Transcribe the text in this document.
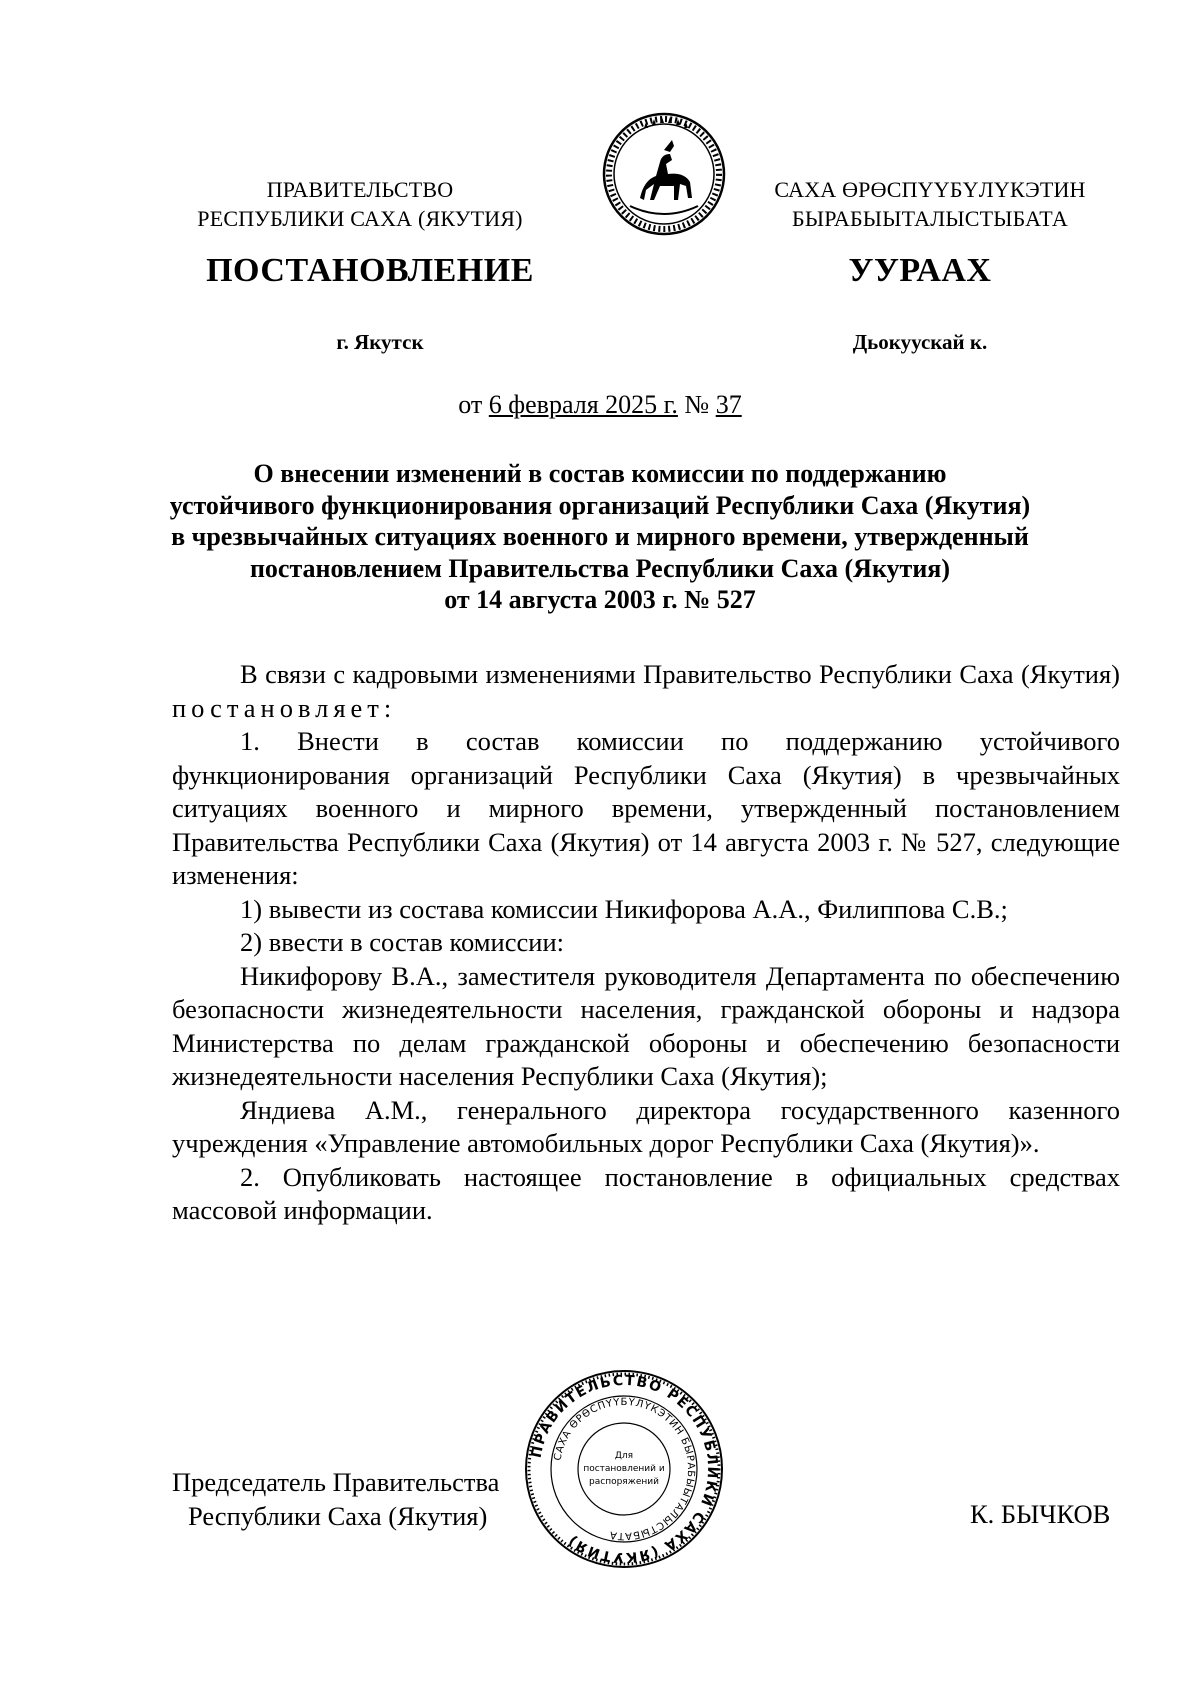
ПРАВИТЕЛЬСТВО
РЕСПУБЛИКИ САХА (ЯКУТИЯ)
САХА ӨРӨСПҮҮБҮЛҮКЭТИН
БЫРАБЫЫТАЛЫСТЫБАТА
ПОСТАНОВЛЕНИЕ	УУРААХ
г. Якутск	Дьокуускай к.
от 6 февраля 2025 г. № 37
О внесении изменений в состав комиссии по поддержанию
устойчивого функционирования организаций Республики Саха (Якутия)
в чрезвычайных ситуациях военного и мирного времени, утвержденный
постановлением Правительства Республики Саха (Якутия)
от 14 августа 2003 г. № 527

В связи с кадровыми изменениями Правительство Республики Саха (Якутия) постановляет:

1. Внести в состав комиссии по поддержанию устойчивого функционирования организаций Республики Саха (Якутия) в чрезвычайных ситуациях военного и мирного времени, утвержденный постановлением Правительства Республики Саха (Якутия) от 14 августа 2003 г. № 527, следующие изменения:

1) вывести из состава комиссии Никифорова А.А., Филиппова С.В.;

2) ввести в состав комиссии:

Никифорову В.А., заместителя руководителя Департамента по обеспечению безопасности жизнедеятельности населения, гражданской обороны и надзора Министерства по делам гражданской обороны и обеспечению безопасности жизнедеятельности населения Республики Саха (Якутия);

Яндиева А.М., генерального директора государственного казенного учреждения «Управление автомобильных дорог Республики Саха (Якутия)».

2. Опубликовать настоящее постановление в официальных средствах массовой информации.

Председатель Правительства
Республики Саха (Якутия)
ПРАВИТЕЛЬСТВО РЕСПУБЛИКИ САХА (ЯКУТИЯ)
САХА ӨРӨСПҮҮБҮЛҮКЭТИН БЫРАБЫЫТАЛЫСТЫБАТА
Для
постановлений и
распоряжений
К. БЫЧКОВ
